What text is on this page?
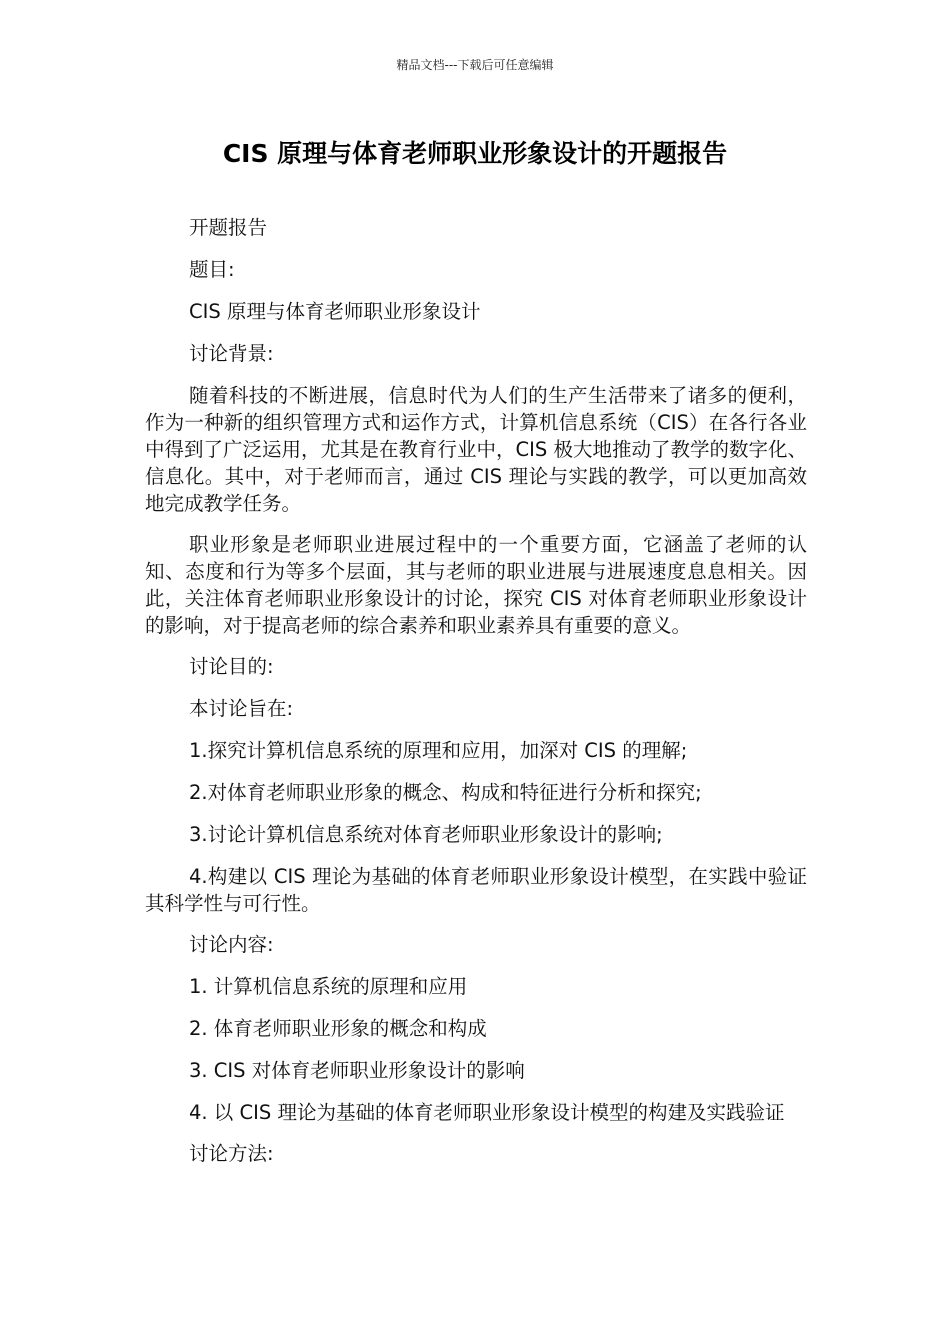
精品文档---下载后可任意编辑
CIS 原理与体育老师职业形象设计的开题报告

开题报告

题目:

CIS 原理与体育老师职业形象设计

讨论背景:

随着科技的不断进展，信息时代为人们的生产生活带来了诸多的便利，作为一种新的组织管理方式和运作方式，计算机信息系统（CIS）在各行各业中得到了广泛运用，尤其是在教育行业中，CIS 极大地推动了教学的数字化、信息化。其中，对于老师而言，通过 CIS 理论与实践的教学，可以更加高效地完成教学任务。

职业形象是老师职业进展过程中的一个重要方面，它涵盖了老师的认知、态度和行为等多个层面，其与老师的职业进展与进展速度息息相关。因此，关注体育老师职业形象设计的讨论，探究 CIS 对体育老师职业形象设计的影响，对于提高老师的综合素养和职业素养具有重要的意义。

讨论目的:

本讨论旨在:

1.探究计算机信息系统的原理和应用，加深对 CIS 的理解;

2.对体育老师职业形象的概念、构成和特征进行分析和探究;

3.讨论计算机信息系统对体育老师职业形象设计的影响;

4.构建以 CIS 理论为基础的体育老师职业形象设计模型，在实践中验证其科学性与可行性。

讨论内容:

1. 计算机信息系统的原理和应用

2. 体育老师职业形象的概念和构成

3. CIS 对体育老师职业形象设计的影响

4. 以 CIS 理论为基础的体育老师职业形象设计模型的构建及实践验证

讨论方法:
